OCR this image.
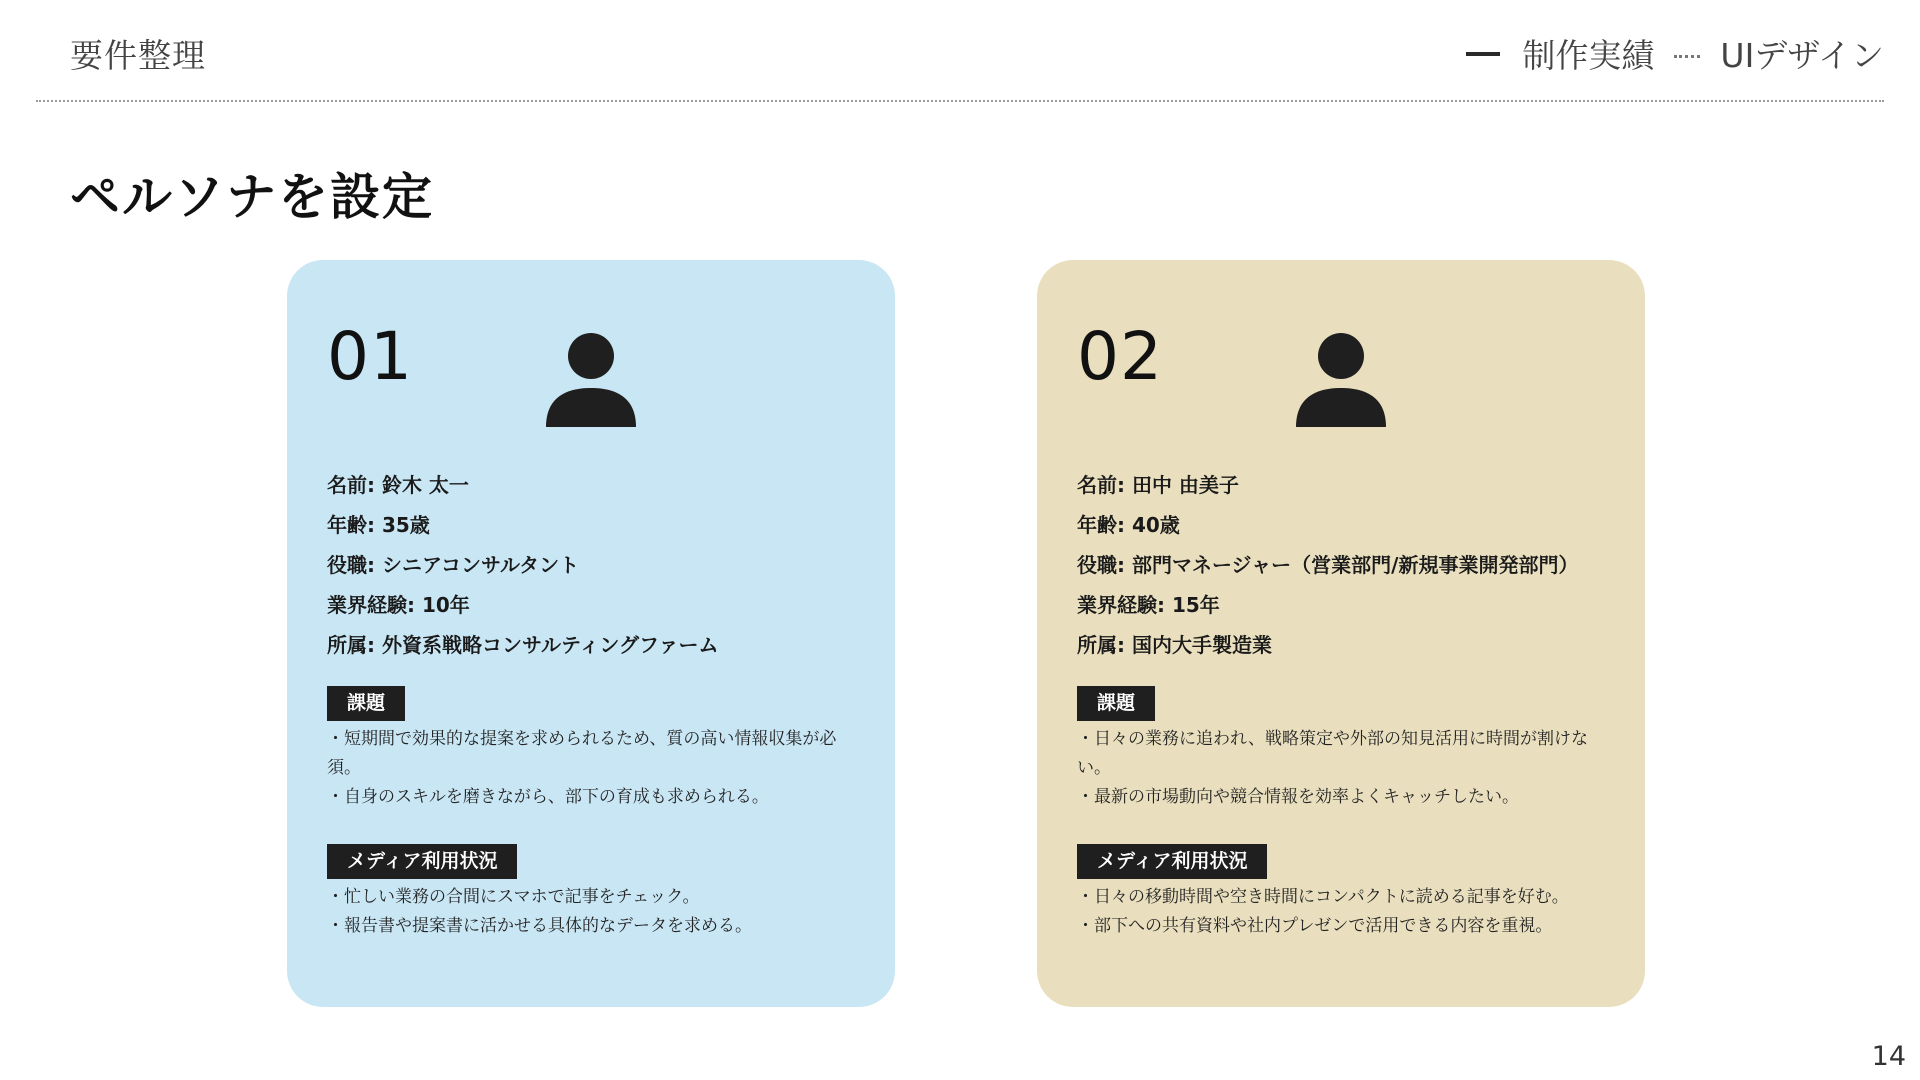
要件整理	制作実績 UIデザイン
ペルソナを設定
01
名前: 鈴木 太一
年齢: 35歳
役職: シニアコンサルタント
業界経験: 10年
所属: 外資系戦略コンサルティングファーム
課題
・短期間で効果的な提案を求められるため、質の高い情報収集が必須。
・自身のスキルを磨きながら、部下の育成も求められる。
メディア利用状況
・忙しい業務の合間にスマホで記事をチェック。
・報告書や提案書に活かせる具体的なデータを求める。
02
名前: 田中 由美子
年齢: 40歳
役職: 部門マネージャー（営業部門/新規事業開発部門）
業界経験: 15年
所属: 国内大手製造業
課題
・日々の業務に追われ、戦略策定や外部の知見活用に時間が割けない。
・最新の市場動向や競合情報を効率よくキャッチしたい。
メディア利用状況
・日々の移動時間や空き時間にコンパクトに読める記事を好む。
・部下への共有資料や社内プレゼンで活用できる内容を重視。
14
